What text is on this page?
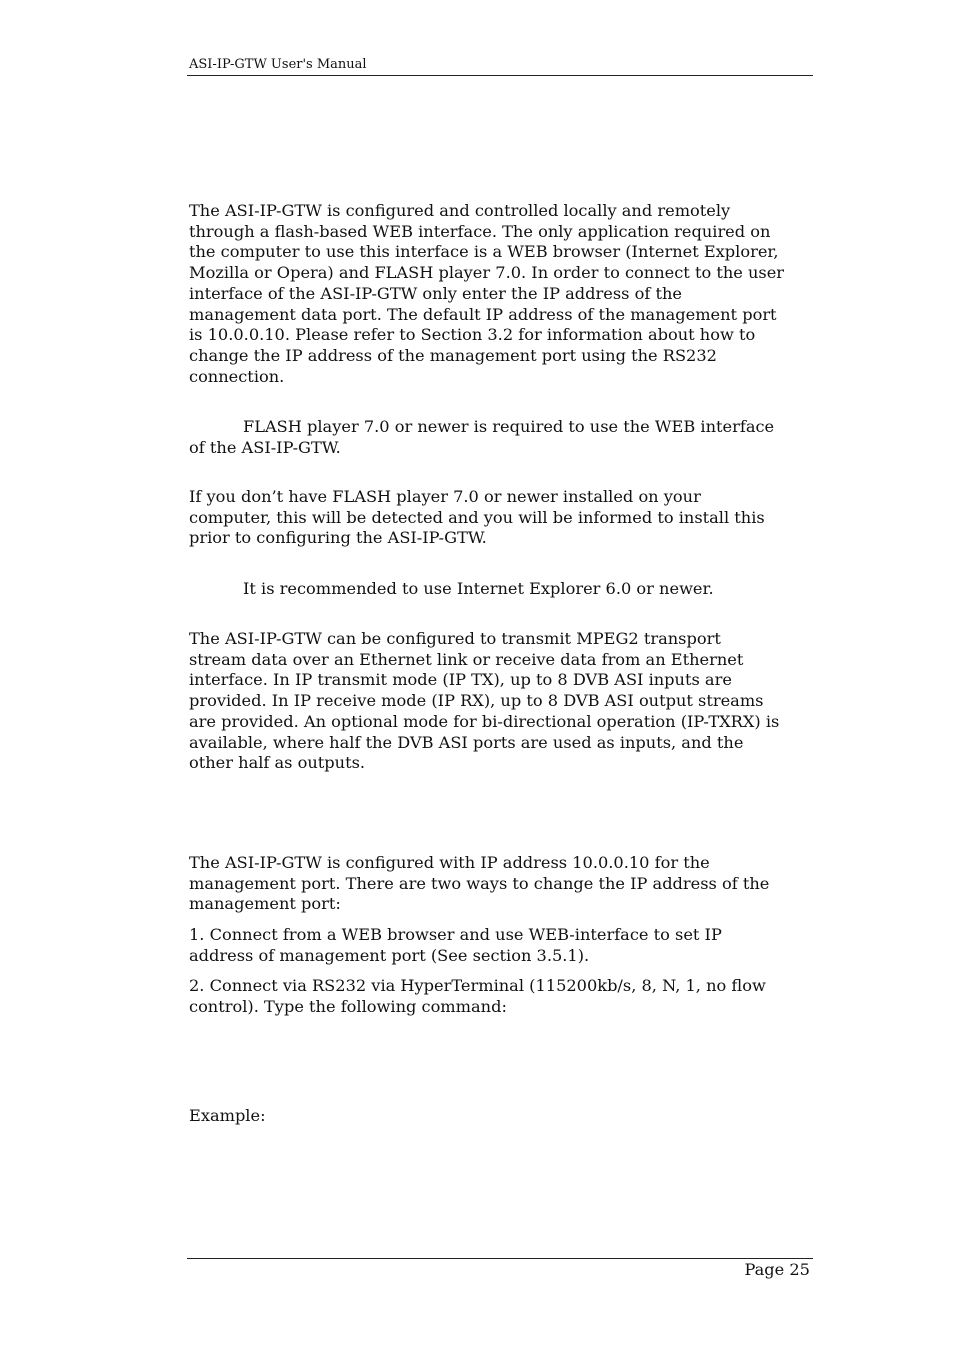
ASI-IP-GTW User's Manual

The ASI-IP-GTW is configured and controlled locally and remotely
through a flash-based WEB interface. The only application required on
the computer to use this interface is a WEB browser (Internet Explorer,
Mozilla or Opera) and FLASH player 7.0. In order to connect to the user
interface of the ASI-IP-GTW only enter the IP address of the
management data port. The default IP address of the management port
is 10.0.0.10. Please refer to Section 3.2 for information about how to
change the IP address of the management port using the RS232
connection.

FLASH player 7.0 or newer is required to use the WEB interface
of the ASI-IP-GTW.

If you don’t have FLASH player 7.0 or newer installed on your
computer, this will be detected and you will be informed to install this
prior to configuring the ASI-IP-GTW.

It is recommended to use Internet Explorer 6.0 or newer.

The ASI-IP-GTW can be configured to transmit MPEG2 transport
stream data over an Ethernet link or receive data from an Ethernet
interface. In IP transmit mode (IP TX), up to 8 DVB ASI inputs are
provided. In IP receive mode (IP RX), up to 8 DVB ASI output streams
are provided. An optional mode for bi-directional operation (IP-TXRX) is
available, where half the DVB ASI ports are used as inputs, and the
other half as outputs.

The ASI-IP-GTW is configured with IP address 10.0.0.10 for the
management port. There are two ways to change the IP address of the
management port:

1. Connect from a WEB browser and use WEB-interface to set IP
address of management port (See section 3.5.1).

2. Connect via RS232 via HyperTerminal (115200kb/s, 8, N, 1, no flow
control). Type the following command:

Example:

Page 25
